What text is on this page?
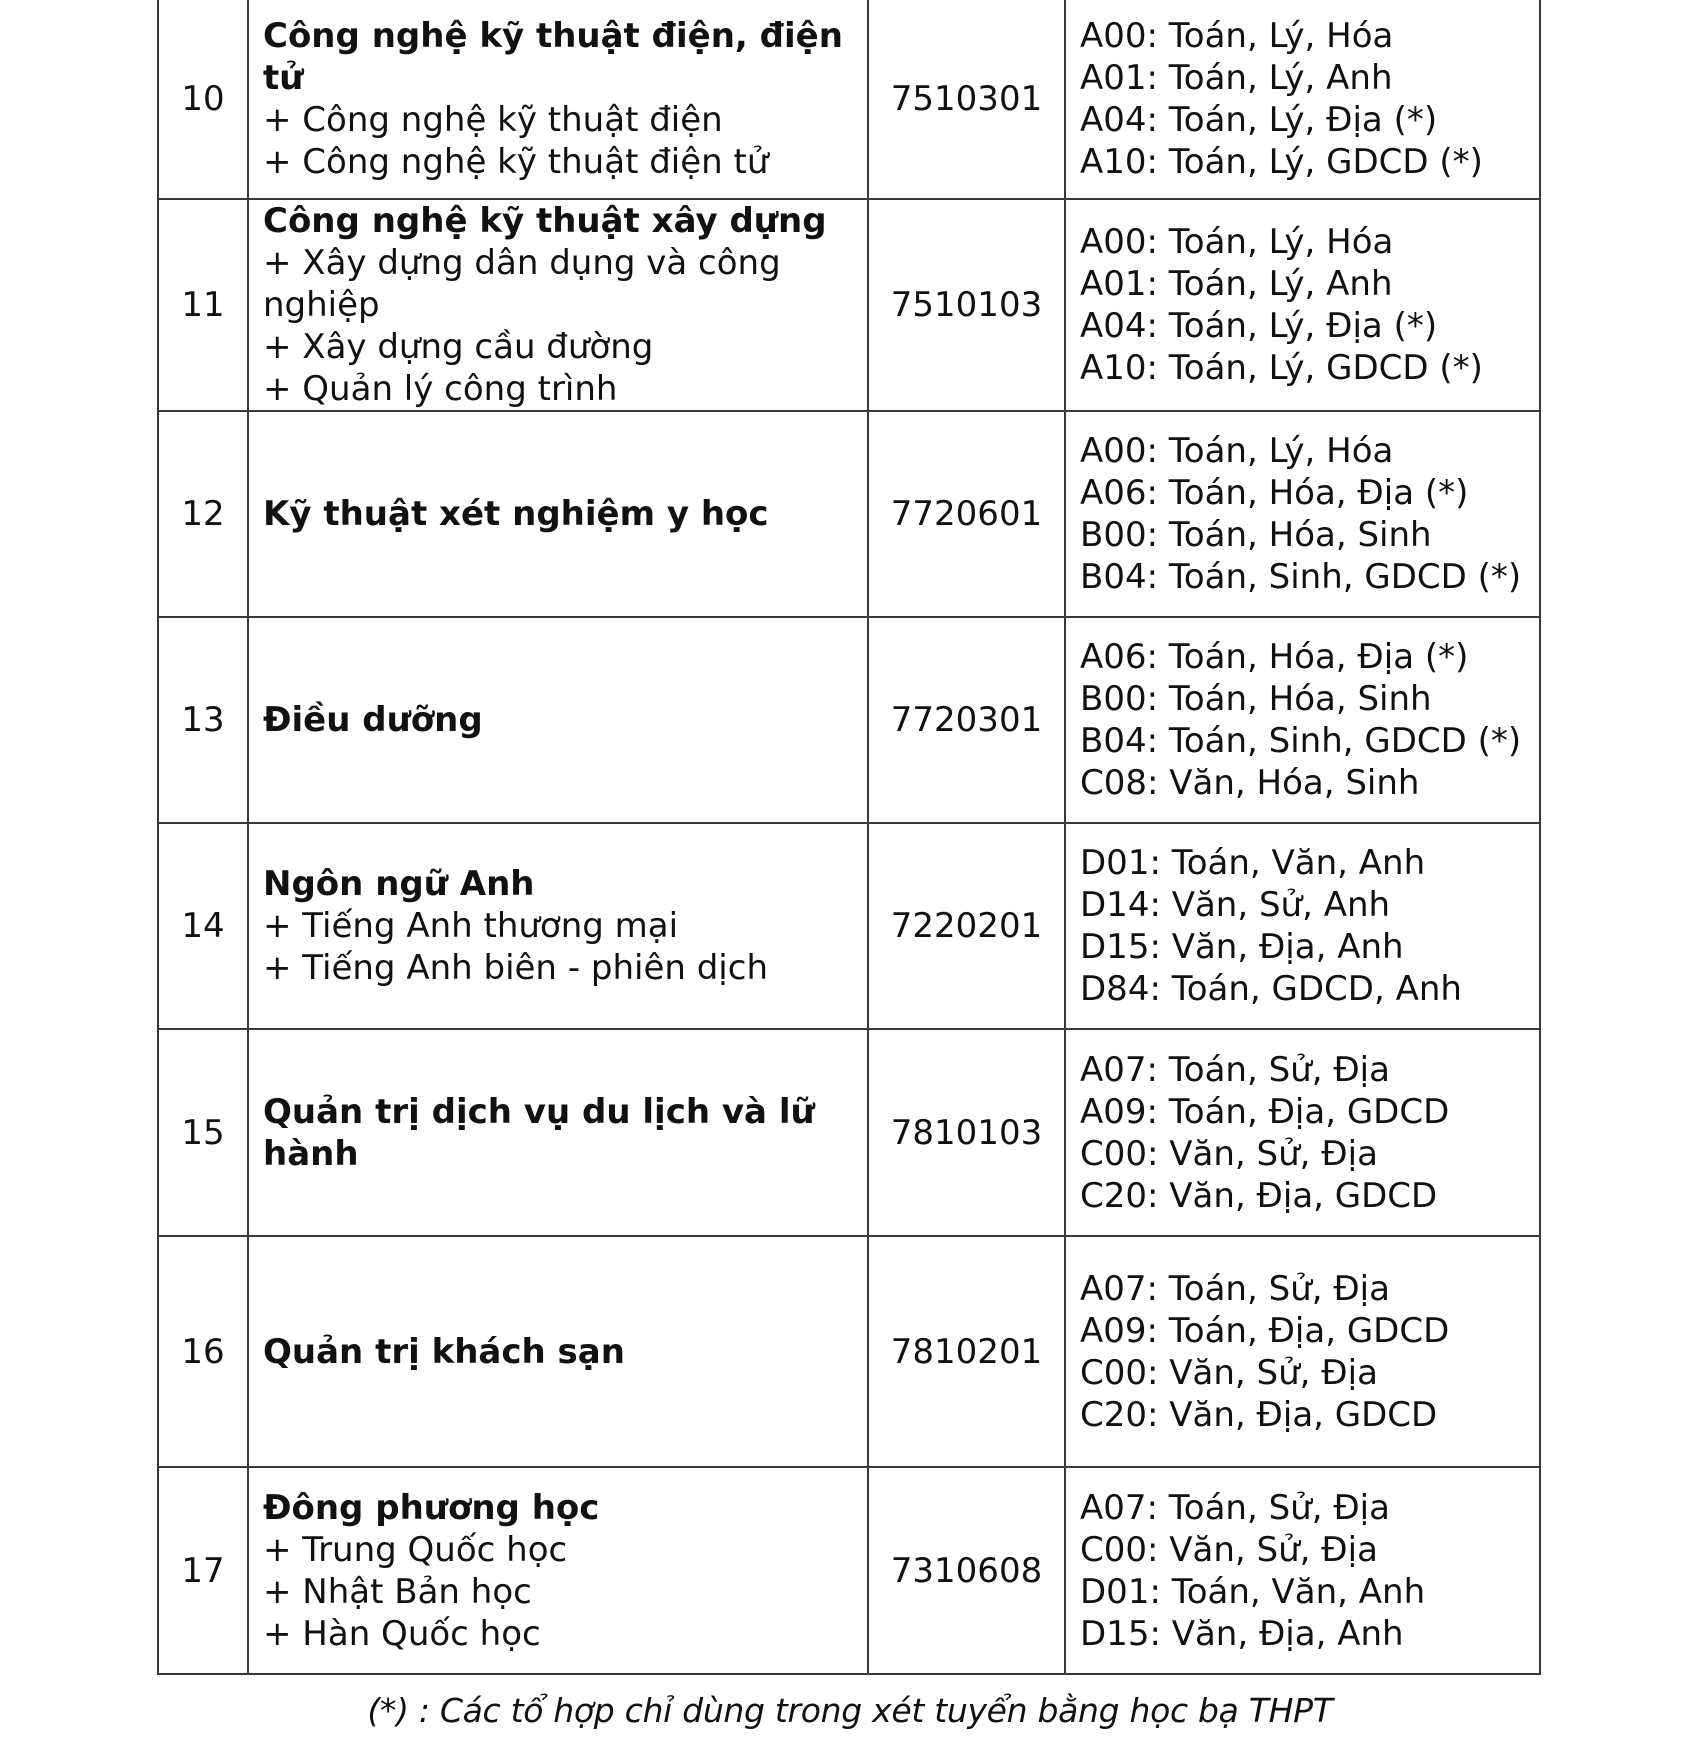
10	Công nghệ kỹ thuật điện, điện tử
+ Công nghệ kỹ thuật điện
+ Công nghệ kỹ thuật điện tử	7510301	A00: Toán, Lý, Hóa
A01: Toán, Lý, Anh
A04: Toán, Lý, Địa (*)
A10: Toán, Lý, GDCD (*)

11	Công nghệ kỹ thuật xây dựng
+ Xây dựng dân dụng và công nghiệp
+ Xây dựng cầu đường
+ Quản lý công trình	7510103	A00: Toán, Lý, Hóa
A01: Toán, Lý, Anh
A04: Toán, Lý, Địa (*)
A10: Toán, Lý, GDCD (*)

12	Kỹ thuật xét nghiệm y học	7720601	A00: Toán, Lý, Hóa
A06: Toán, Hóa, Địa (*)
B00: Toán, Hóa, Sinh
B04: Toán, Sinh, GDCD (*)

13	Điều dưỡng	7720301	A06: Toán, Hóa, Địa (*)
B00: Toán, Hóa, Sinh
B04: Toán, Sinh, GDCD (*)
C08: Văn, Hóa, Sinh

14	Ngôn ngữ Anh
+ Tiếng Anh thương mại
+ Tiếng Anh biên - phiên dịch	7220201	D01: Toán, Văn, Anh
D14: Văn, Sử, Anh
D15: Văn, Địa, Anh
D84: Toán, GDCD, Anh

15	Quản trị dịch vụ du lịch và lữ hành	7810103	A07: Toán, Sử, Địa
A09: Toán, Địa, GDCD
C00: Văn, Sử, Địa
C20: Văn, Địa, GDCD

16	Quản trị khách sạn	7810201	A07: Toán, Sử, Địa
A09: Toán, Địa, GDCD
C00: Văn, Sử, Địa
C20: Văn, Địa, GDCD

17	Đông phương học
+ Trung Quốc học
+ Nhật Bản học
+ Hàn Quốc học	7310608	A07: Toán, Sử, Địa
C00: Văn, Sử, Địa
D01: Toán, Văn, Anh
D15: Văn, Địa, Anh
(*) : Các tổ hợp chỉ dùng trong xét tuyển bằng học bạ THPT
